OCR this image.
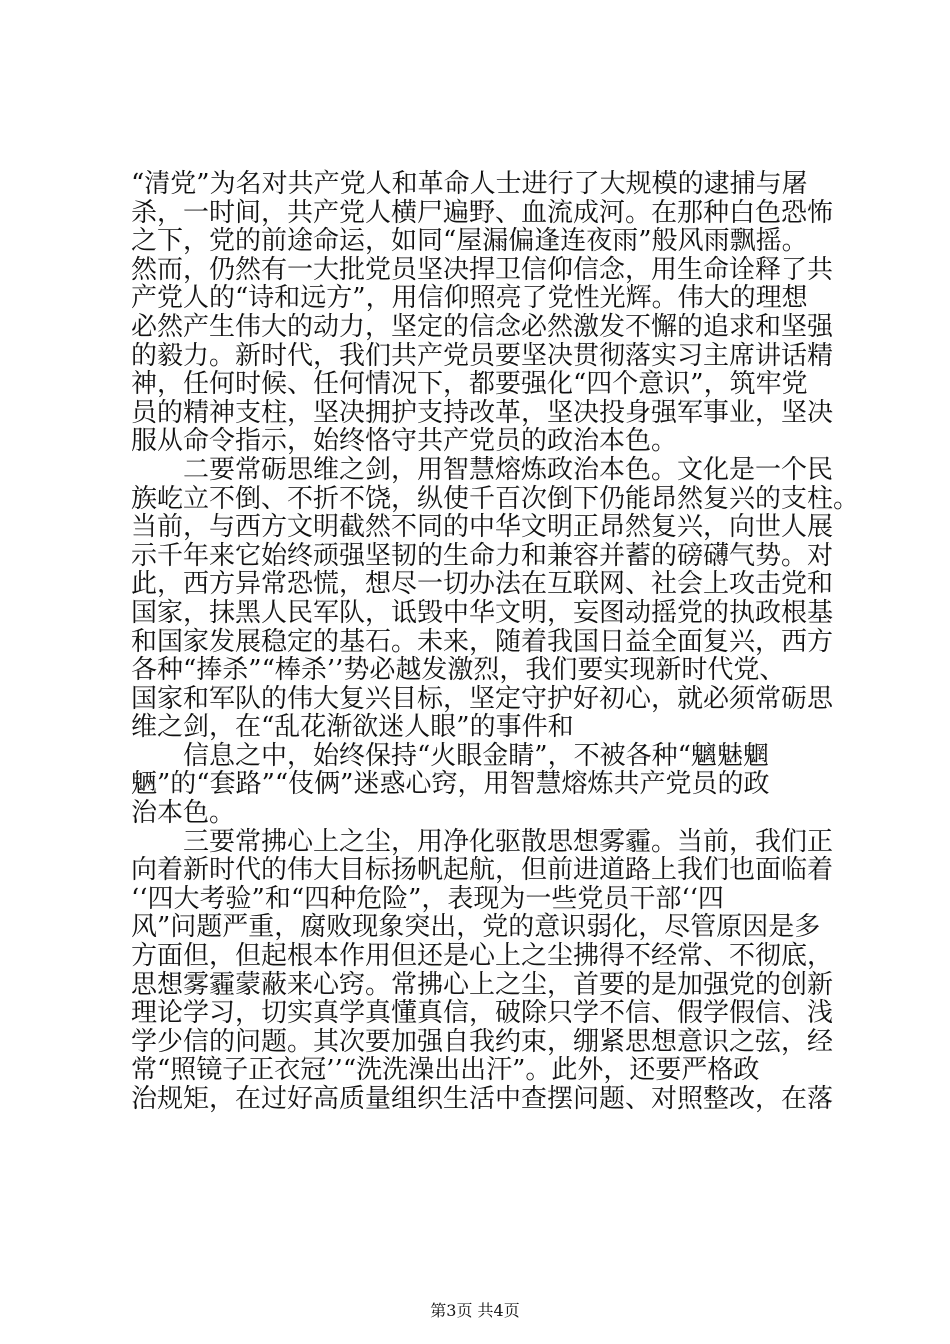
“清党”为名对共产党人和革命人士进行了大规模的逮捕与屠
杀，一时间，共产党人横尸遍野、血流成河。在那种白色恐怖
之下，党的前途命运，如同“屋漏偏逢连夜雨”般风雨飘摇。
然而，仍然有一大批党员坚决捍卫信仰信念，用生命诠释了共
产党人的“诗和远方”，用信仰照亮了党性光辉。伟大的理想
必然产生伟大的动力，坚定的信念必然激发不懈的追求和坚强
的毅力。新时代，我们共产党员要坚决贯彻落实习主席讲话精
神，任何时候、任何情况下，都要强化“四个意识”，筑牢党
员的精神支柱，坚决拥护支持改革，坚决投身强军事业，坚决
服从命令指示，始终恪守共产党员的政治本色。
　　二要常砺思维之剑，用智慧熔炼政治本色。文化是一个民
族屹立不倒、不折不饶，纵使千百次倒下仍能昂然复兴的支柱。
当前，与西方文明截然不同的中华文明正昂然复兴，向世人展
示千年来它始终顽强坚韧的生命力和兼容并蓄的磅礴气势。对
此，西方异常恐慌，想尽一切办法在互联网、社会上攻击党和
国家，抹黑人民军队，诋毁中华文明，妄图动摇党的执政根基
和国家发展稳定的基石。未来，随着我国日益全面复兴，西方
各种“捧杀”“棒杀’’势必越发激烈，我们要实现新时代党、
国家和军队的伟大复兴目标，坚定守护好初心，就必须常砺思
维之剑，在“乱花渐欲迷人眼”的事件和
　　信息之中，始终保持“火眼金睛”，不被各种“魑魅魍
魉”的“套路”“伎俩”迷惑心窍，用智慧熔炼共产党员的政
治本色。
　　三要常拂心上之尘，用净化驱散思想雾霾。当前，我们正
向着新时代的伟大目标扬帆起航，但前进道路上我们也面临着
‘‘四大考验”和“四种危险”，表现为一些党员干部‘‘四
风”问题严重，腐败现象突出，党的意识弱化，尽管原因是多
方面但，但起根本作用但还是心上之尘拂得不经常、不彻底，
思想雾霾蒙蔽来心窍。常拂心上之尘，首要的是加强党的创新
理论学习，切实真学真懂真信，破除只学不信、假学假信、浅
学少信的问题。其次要加强自我约束，绷紧思想意识之弦，经
常“照镜子正衣冠’’“洗洗澡出出汗”。此外，还要严格政
治规矩，在过好高质量组织生活中查摆问题、对照整改，在落
第3页 共4页
